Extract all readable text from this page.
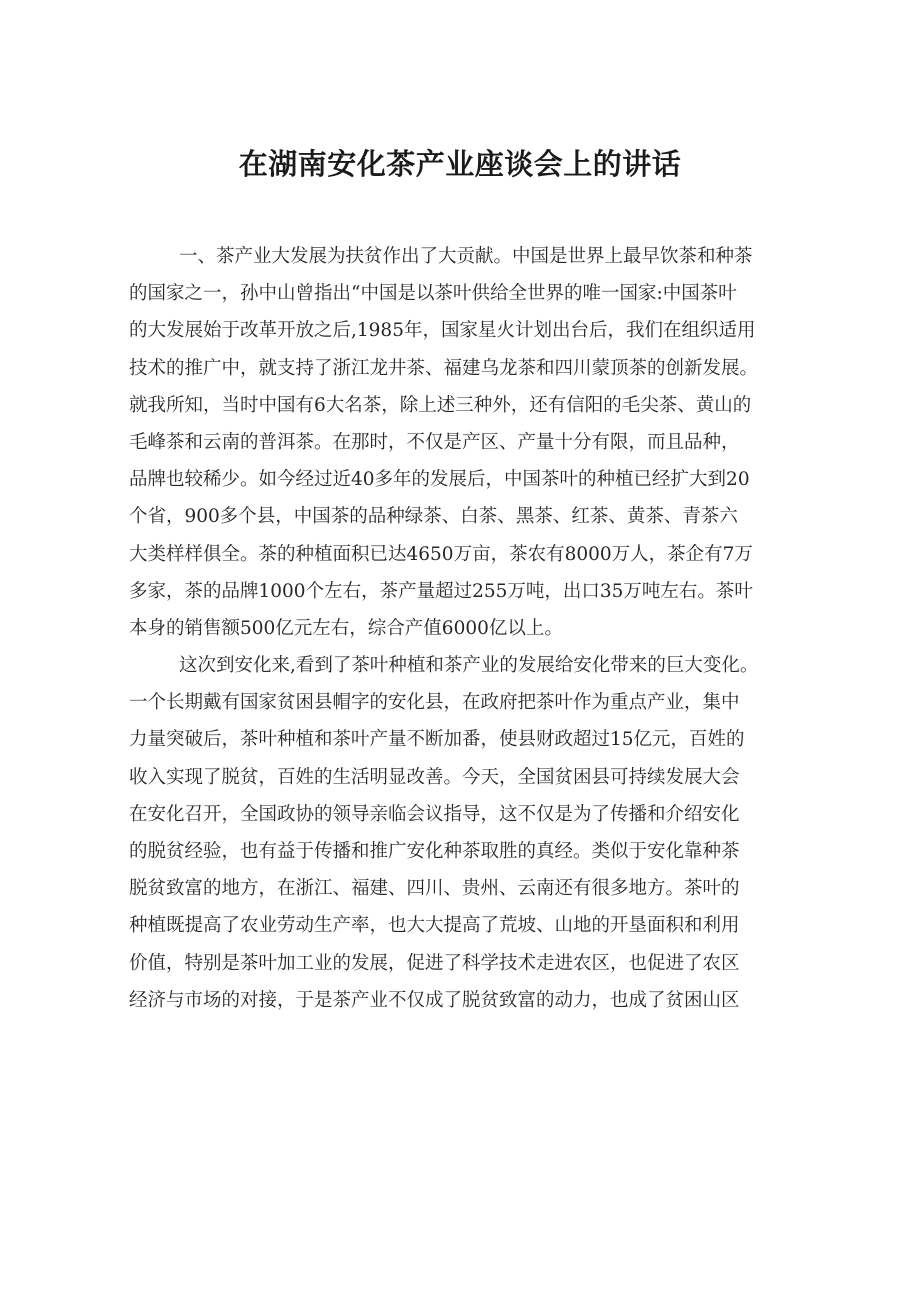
在湖南安化茶产业座谈会上的讲话
一、茶产业大发展为扶贫作出了大贡献。中国是世界上最早饮茶和种茶
的国家之一，孙中山曾指出“中国是以茶叶供给全世界的唯一国家:中国茶叶
的大发展始于改革开放之后,1985年，国家星火计划出台后，我们在组织适用
技术的推广中，就支持了浙江龙井茶、福建乌龙茶和四川蒙顶茶的创新发展。
就我所知，当时中国有6大名茶，除上述三种外，还有信阳的毛尖茶、黄山的
毛峰茶和云南的普洱茶。在那时，不仅是产区、产量十分有限，而且品种，
品牌也较稀少。如今经过近40多年的发展后，中国茶叶的种植已经扩大到20
个省，900多个县，中国茶的品种绿茶、白茶、黑茶、红茶、黄茶、青茶六
大类样样俱全。茶的种植面积已达4650万亩，茶农有8000万人，茶企有7万
多家，茶的品牌1000个左右，茶产量超过255万吨，出口35万吨左右。茶叶
本身的销售额500亿元左右，综合产值6000亿以上。
这次到安化来,看到了茶叶种植和茶产业的发展给安化带来的巨大变化。
一个长期戴有国家贫困县帽字的安化县，在政府把茶叶作为重点产业，集中
力量突破后，茶叶种植和茶叶产量不断加番，使县财政超过15亿元，百姓的
收入实现了脱贫，百姓的生活明显改善。今天，全国贫困县可持续发展大会
在安化召开，全国政协的领导亲临会议指导，这不仅是为了传播和介绍安化
的脱贫经验，也有益于传播和推广安化种茶取胜的真经。类似于安化靠种茶
脱贫致富的地方，在浙江、福建、四川、贵州、云南还有很多地方。茶叶的
种植既提高了农业劳动生产率，也大大提高了荒坡、山地的开垦面积和利用
价值，特别是茶叶加工业的发展，促进了科学技术走进农区，也促进了农区
经济与市场的对接，于是茶产业不仅成了脱贫致富的动力，也成了贫困山区
